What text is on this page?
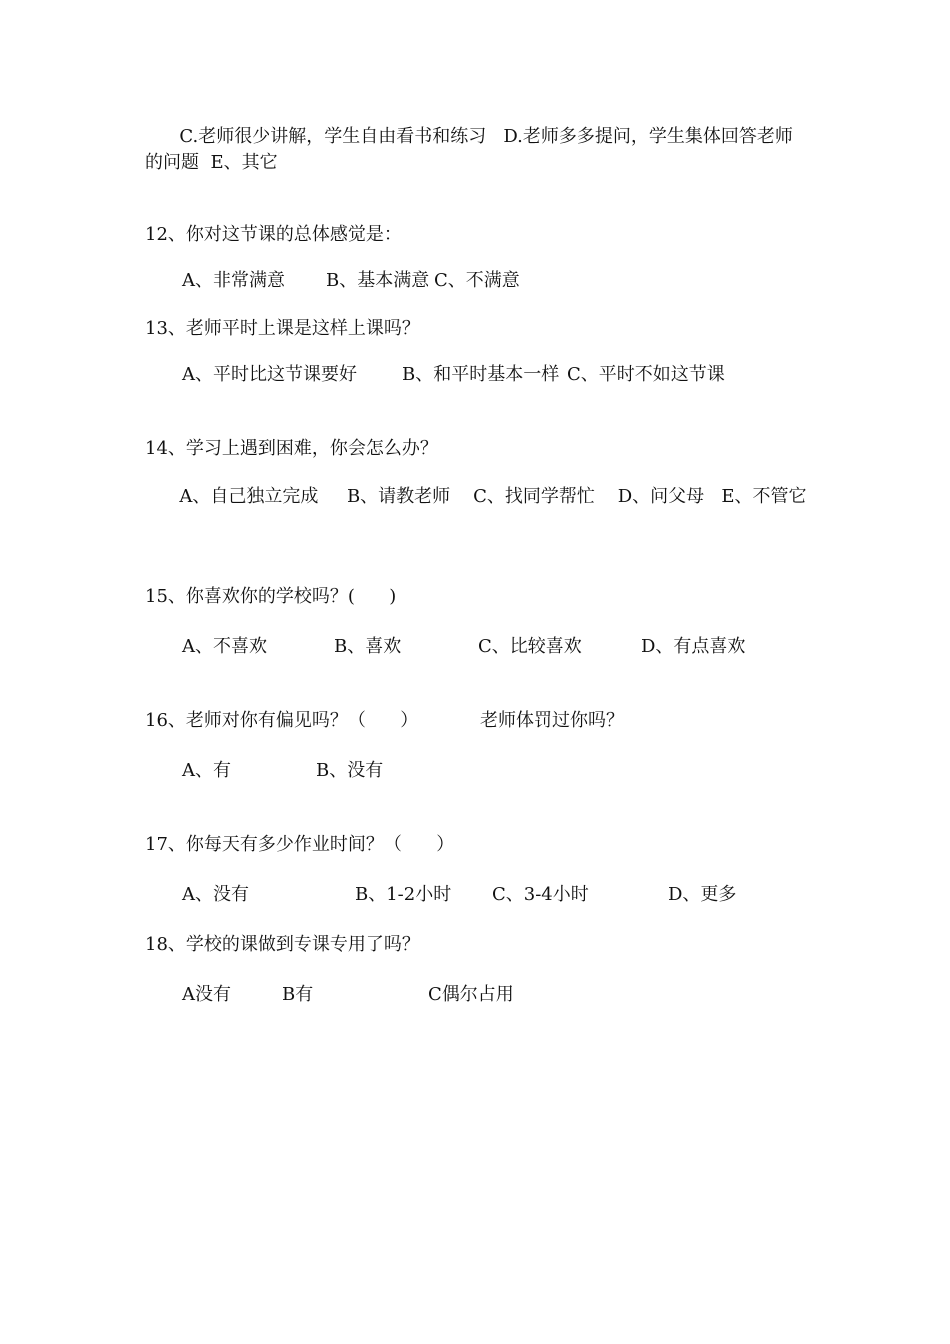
C.老师很少讲解，学生自由看书和练习   D.老师多多提问，学生集体回答老师的问题  E、其它
12、你对这节课的总体感觉是：
A、非常满意 B、基本满意 C、不满意
13、老师平时上课是这样上课吗？
A、平时比这节课要好	B、和平时基本一样 C、平时不如这节课
14、学习上遇到困难，你会怎么办？
A、自己独立完成     B、请教老师    C、找同学帮忙    D、问父母   E、不管它
15、你喜欢你的学校吗？(      )
A、不喜欢	B、喜欢	C、比较喜欢	D、有点喜欢
16、老师对你有偏见吗？（      ）	老师体罚过你吗？
A、有	B、没有
17、你每天有多少作业时间？（      ）
A、没有	B、1-2小时 C、3-4小时	D、更多
18、学校的课做到专课专用了吗？
A没有	B有	C偶尔占用
